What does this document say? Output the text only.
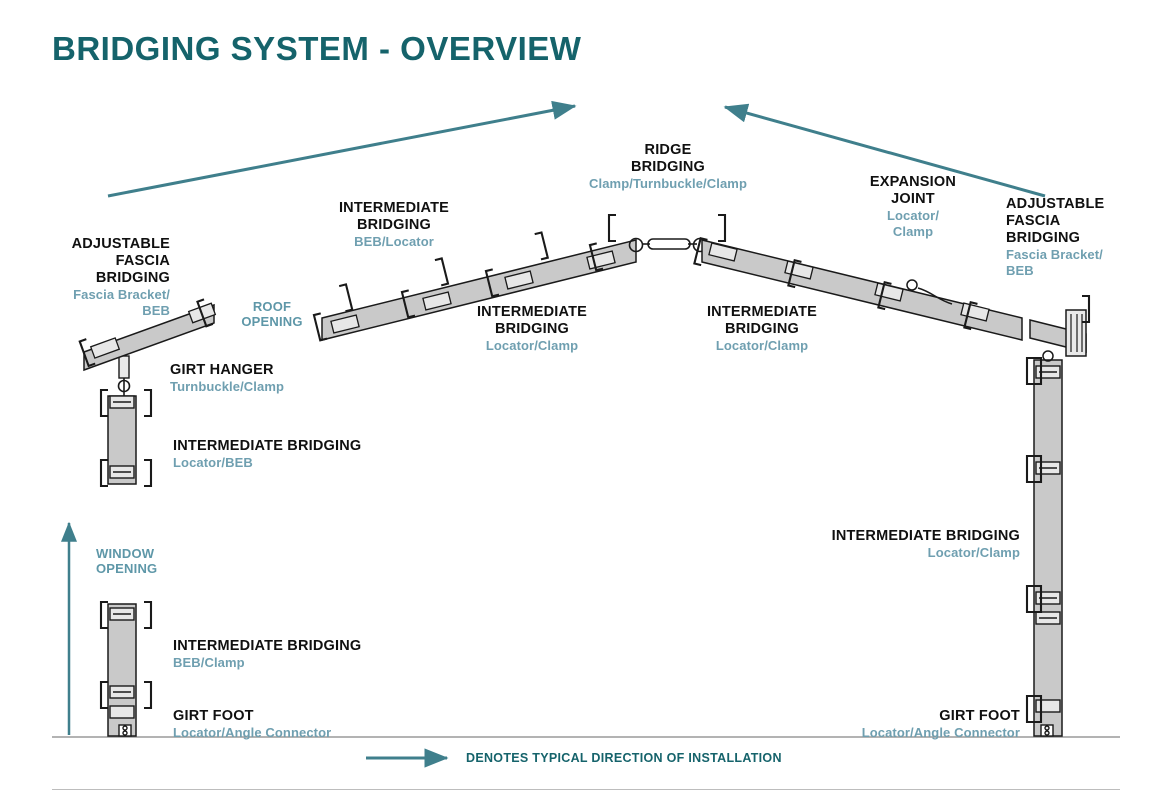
BRIDGING SYSTEM - OVERVIEW
ADJUSTABLE
FASCIA
BRIDGING
Fascia Bracket/
BEB	ROOF
OPENING
GIRT HANGER
Turnbuckle/Clamp
INTERMEDIATE BRIDGING
Locator/BEB
WINDOW
OPENING
INTERMEDIATE BRIDGING
BEB/Clamp
GIRT FOOT
Locator/Angle Connector
INTERMEDIATE
BRIDGING
BEB/Locator
INTERMEDIATE
BRIDGING
Locator/Clamp
RIDGE
BRIDGING
Clamp/Turnbuckle/Clamp
INTERMEDIATE
BRIDGING
Locator/Clamp
EXPANSION
JOINT
Locator/
Clamp
ADJUSTABLE
FASCIA
BRIDGING
Fascia Bracket/
BEB
INTERMEDIATE BRIDGING
Locator/Clamp
GIRT FOOT
Locator/Angle Connector
DENOTES TYPICAL DIRECTION OF INSTALLATION
